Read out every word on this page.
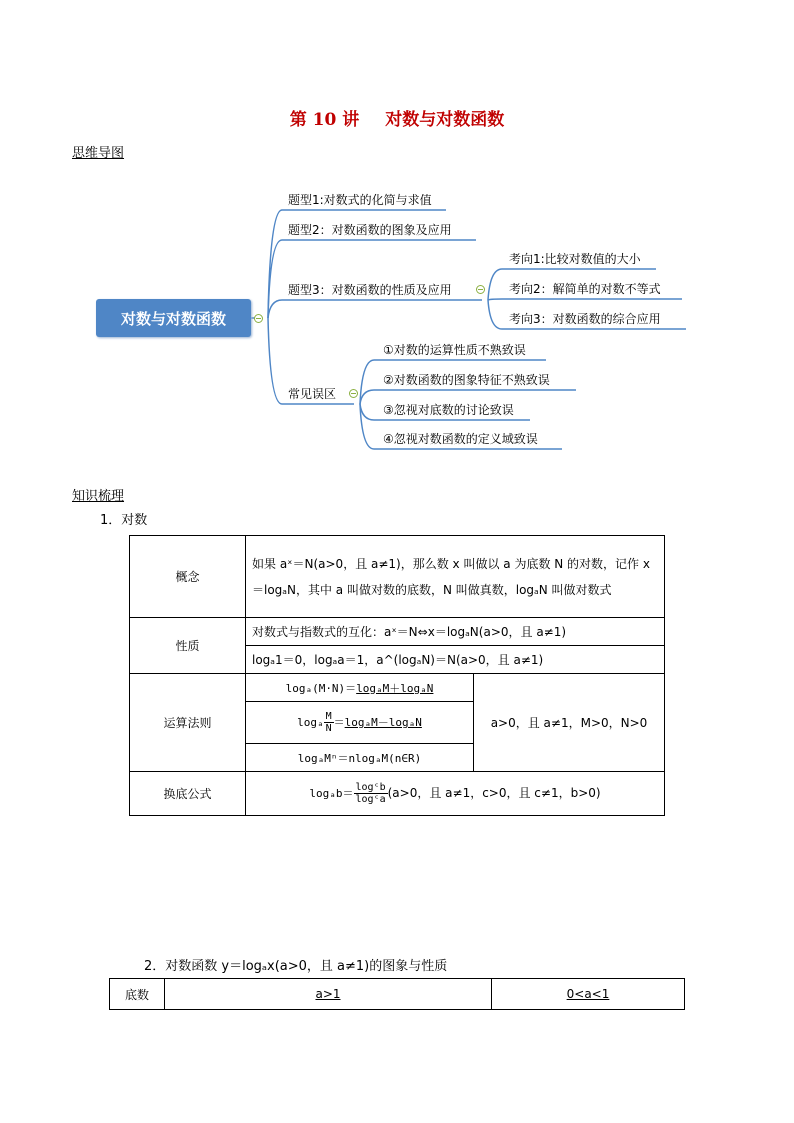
第 10 讲 对数与对数函数
思维导图
对数与对数函数
题型1:对数式的化简与求值
题型2：对数函数的图象及应用
题型3：对数函数的性质及应用
常见误区
考向1:比较对数值的大小
考向2：解简单的对数不等式
考向3：对数函数的综合应用
①对数的运算性质不熟致误
②对数函数的图象特征不熟致误
③忽视对底数的讨论致误
④忽视对数函数的定义域致误
知识梳理
1．对数
概念	如果 aˣ＝N(a>0，且 a≠1)，那么数 x 叫做以 a 为底数 N 的对数，记作 x＝logₐN，其中 a 叫做对数的底数，N 叫做真数，logₐN 叫做对数式	
性质	对数式与指数式的互化：aˣ＝N⇔x＝logₐN(a>0，且 a≠1)	
	logₐ1＝0，logₐa＝1，a^(logₐN)＝N(a>0，且 a≠1)	
运算法则	logₐ(M·N)＝logₐM＋logₐN	a>0，且 a≠1，M>0，N>0
	logₐ $\frac{M}{N} =\log_aM-\log_aN$	
	logₐMⁿ＝nlogₐM(n∈R)	
换底公式	$\log_ab= \frac{\text{logᶜb}}{\text{logᶜa}} (a>0$，且 a≠1，c>0，且 c≠1，b>0)	
2．对数函数 y＝logₐx(a>0，且 a≠1)的图象与性质
底数	a>1	0<a<1
